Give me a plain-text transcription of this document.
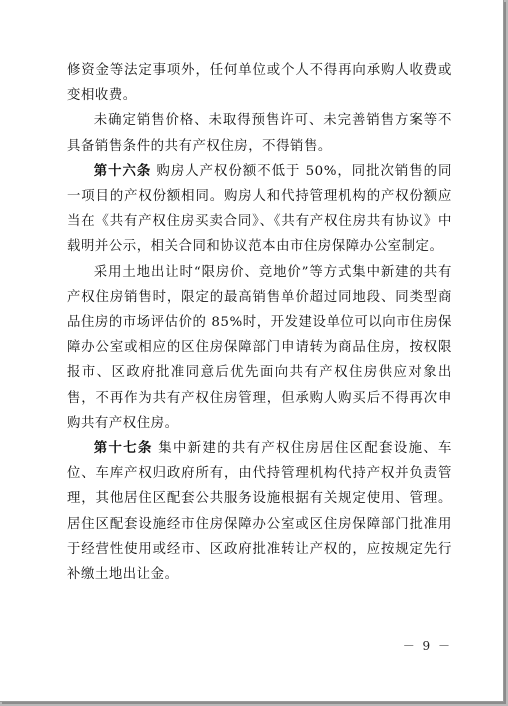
修资金等法定事项外，任何单位或个人不得再向承购人收费或变相收费。

未确定销售价格、未取得预售许可、未完善销售方案等不具备销售条件的共有产权住房，不得销售。

第十六条 购房人产权份额不低于 50%，同批次销售的同一项目的产权份额相同。购房人和代持管理机构的产权份额应当在《共有产权住房买卖合同》、《共有产权住房共有协议》中载明并公示，相关合同和协议范本由市住房保障办公室制定。

采用土地出让时“限房价、竞地价”等方式集中新建的共有产权住房销售时，限定的最高销售单价超过同地段、同类型商品住房的市场评估价的 85%时，开发建设单位可以向市住房保障办公室或相应的区住房保障部门申请转为商品住房，按权限报市、区政府批准同意后优先面向共有产权住房供应对象出售，不再作为共有产权住房管理，但承购人购买后不得再次申购共有产权住房。

第十七条 集中新建的共有产权住房居住区配套设施、车位、车库产权归政府所有，由代持管理机构代持产权并负责管理，其他居住区配套公共服务设施根据有关规定使用、管理。居住区配套设施经市住房保障办公室或区住房保障部门批准用于经营性使用或经市、区政府批准转让产权的，应按规定先行补缴土地出让金。

－ 9 －
